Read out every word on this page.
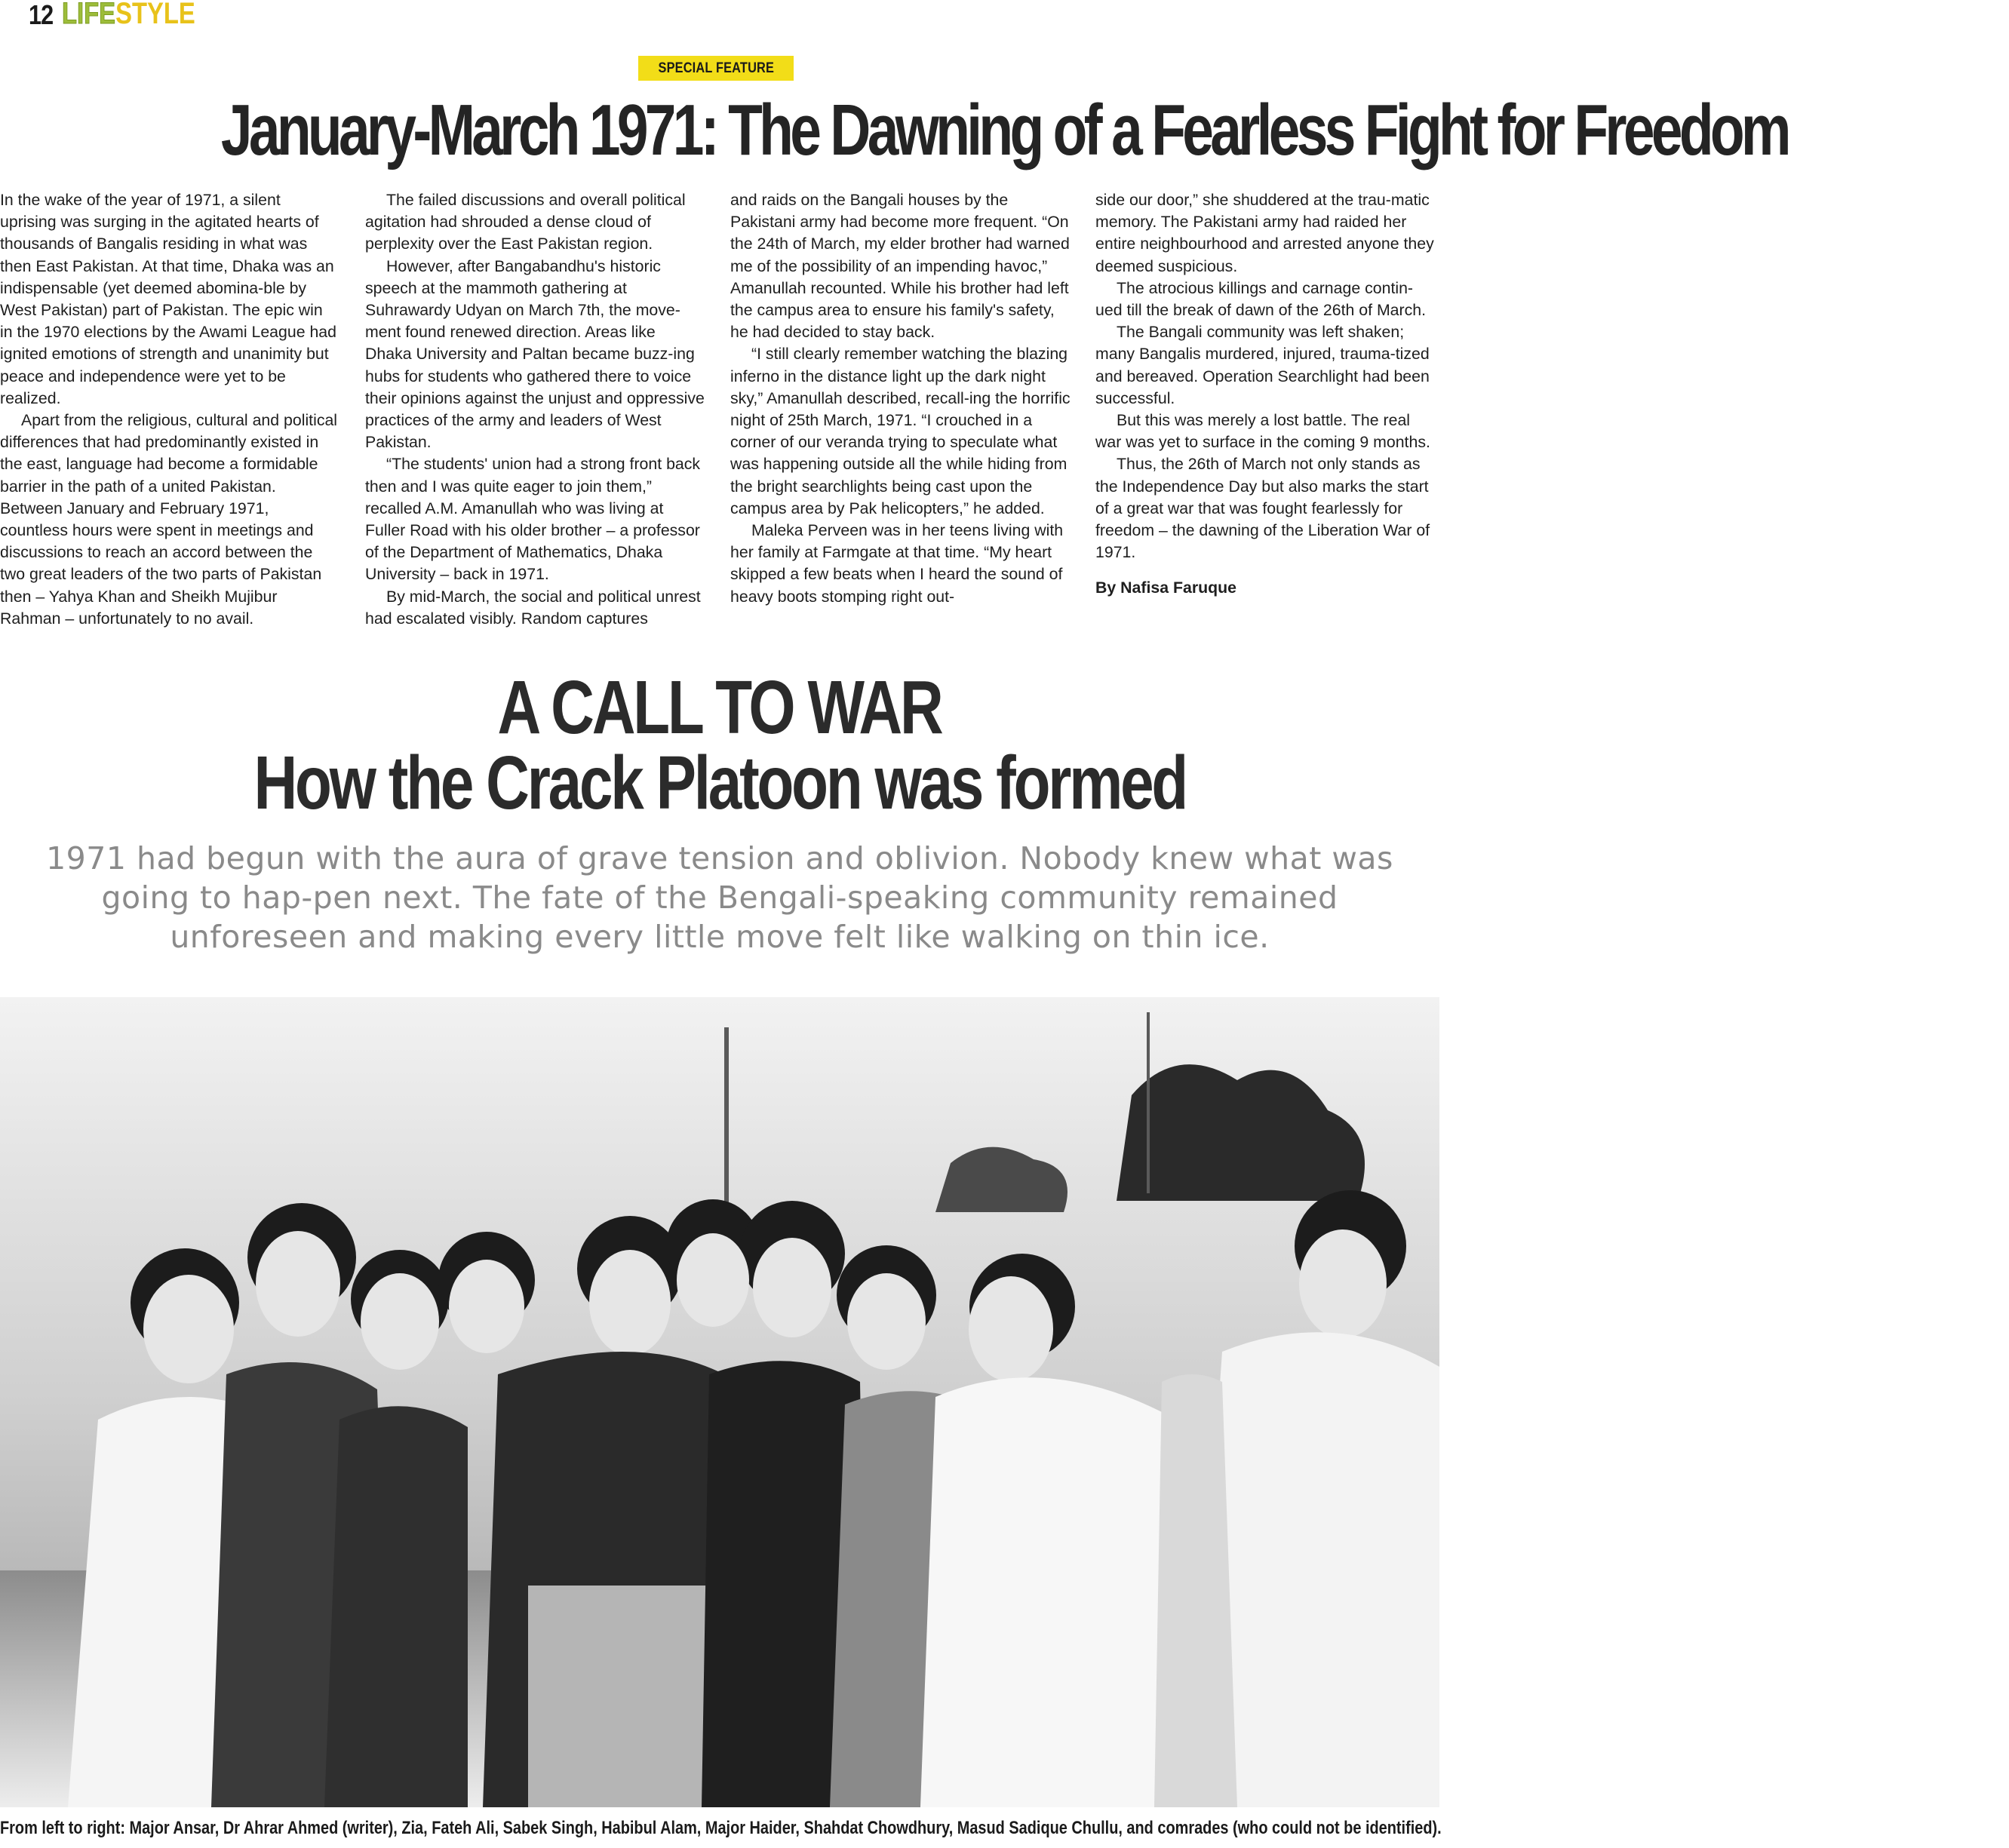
12 LIFESTYLE
SPECIAL FEATURE
January-March 1971: The Dawning of a Fearless Fight for Freedom

In the wake of the year of 1971, a silent uprising was surging in the agitated hearts of thousands of Bangalis residing in what was then East Pakistan. At that time, Dhaka was an indispensable (yet deemed abomina-ble by West Pakistan) part of Pakistan. The epic win in the 1970 elections by the Awami League had ignited emotions of strength and unanimity but peace and independence were yet to be realized.

Apart from the religious, cultural and political differences that had predominantly existed in the east, language had become a formidable barrier in the path of a united Pakistan. Between January and February 1971, countless hours were spent in meetings and discussions to reach an accord between the two great leaders of the two parts of Pakistan then – Yahya Khan and Sheikh Mujibur Rahman – unfortunately to no avail.

The failed discussions and overall political agitation had shrouded a dense cloud of perplexity over the East Pakistan region.

However, after Bangabandhu's historic speech at the mammoth gathering at Suhrawardy Udyan on March 7th, the move-ment found renewed direction. Areas like Dhaka University and Paltan became buzz-ing hubs for students who gathered there to voice their opinions against the unjust and oppressive practices of the army and leaders of West Pakistan.

“The students' union had a strong front back then and I was quite eager to join them,” recalled A.M. Amanullah who was living at Fuller Road with his older brother – a professor of the Department of Mathematics, Dhaka University – back in 1971.

By mid-March, the social and political unrest had escalated visibly. Random captures

and raids on the Bangali houses by the Pakistani army had become more frequent. “On the 24th of March, my elder brother had warned me of the possibility of an impending havoc,” Amanullah recounted. While his brother had left the campus area to ensure his family's safety, he had decided to stay back.

“I still clearly remember watching the blazing inferno in the distance light up the dark night sky,” Amanullah described, recall-ing the horrific night of 25th March, 1971. “I crouched in a corner of our veranda trying to speculate what was happening outside all the while hiding from the bright searchlights being cast upon the campus area by Pak helicopters,” he added.

Maleka Perveen was in her teens living with her family at Farmgate at that time. “My heart skipped a few beats when I heard the sound of heavy boots stomping right out-

side our door,” she shuddered at the trau-matic memory. The Pakistani army had raided her entire neighbourhood and arrested anyone they deemed suspicious.

The atrocious killings and carnage contin-ued till the break of dawn of the 26th of March.

The Bangali community was left shaken; many Bangalis murdered, injured, trauma-tized and bereaved. Operation Searchlight had been successful.

But this was merely a lost battle. The real war was yet to surface in the coming 9 months.

Thus, the 26th of March not only stands as the Independence Day but also marks the start of a great war that was fought fearlessly for freedom – the dawning of the Liberation War of 1971.

By Nafisa Faruque

A CALL TO WAR
How the Crack Platoon was formed
1971 had begun with the aura of grave tension and oblivion. Nobody knew what was going to hap-pen next. The fate of the Bengali-speaking community remained unforeseen and making every little move felt like walking on thin ice.
From left to right: Major Ansar, Dr Ahrar Ahmed (writer), Zia, Fateh Ali, Sabek Singh, Habibul Alam, Major Haider, Shahdat Chowdhury, Masud Sadique Chullu, and comrades (who could not be identified).
